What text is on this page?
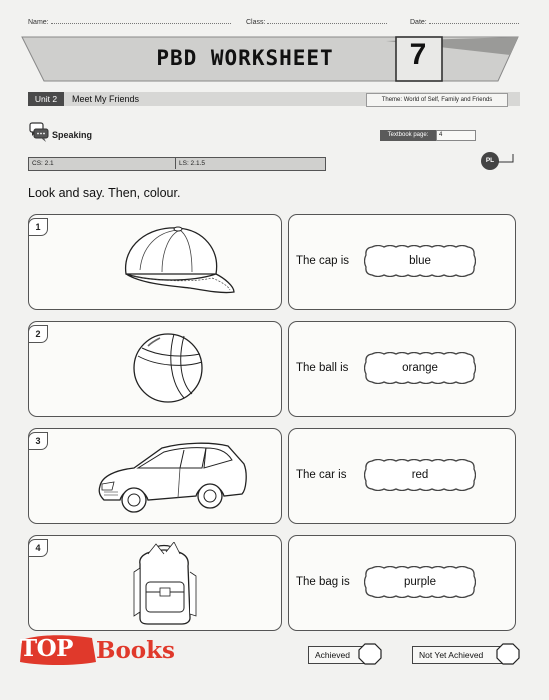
Name:	Class:	Date:
PBD WORKSHEET	7
Unit 2	Meet My Friends	Theme: World of Self, Family and Friends
Speaking	Textbook page:	4
CS: 2.1	LS: 2.1.5	PL
Look and say. Then, colour.
1
The cap is	blue
2
The ball is	orange
3
The car is	red
4
The bag is	purple
Achieved	Not Yet Achieved
TOP Books
